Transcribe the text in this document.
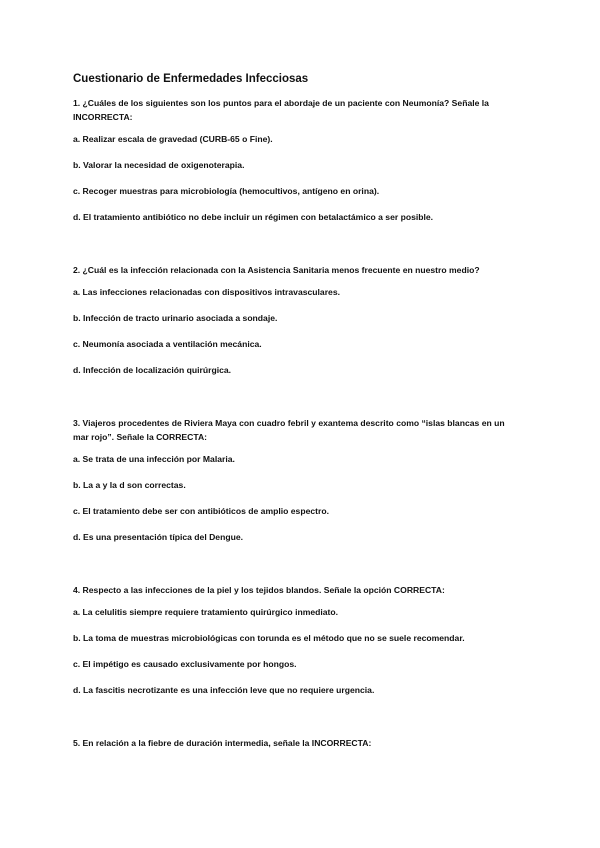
Cuestionario de Enfermedades Infecciosas
1. ¿Cuáles de los siguientes son los puntos para el abordaje de un paciente con Neumonía? Señale la INCORRECTA:
a. Realizar escala de gravedad (CURB-65 o Fine).
b. Valorar la necesidad de oxigenoterapia.
c. Recoger muestras para microbiología (hemocultivos, antígeno en orina).
d. El tratamiento antibiótico no debe incluir un régimen con betalactámico a ser posible.
2. ¿Cuál es la infección relacionada con la Asistencia Sanitaria menos frecuente en nuestro medio?
a. Las infecciones relacionadas con dispositivos intravasculares.
b. Infección de tracto urinario asociada a sondaje.
c. Neumonía asociada a ventilación mecánica.
d. Infección de localización quirúrgica.
3. Viajeros procedentes de Riviera Maya con cuadro febril y exantema descrito como “islas blancas en un mar rojo”. Señale la CORRECTA:
a. Se trata de una infección por Malaria.
b. La a y la d son correctas.
c. El tratamiento debe ser con antibióticos de amplio espectro.
d. Es una presentación típica del Dengue.
4. Respecto a las infecciones de la piel y los tejidos blandos. Señale la opción CORRECTA:
a. La celulitis siempre requiere tratamiento quirúrgico inmediato.
b. La toma de muestras microbiológicas con torunda es el método que no se suele recomendar.
c. El impétigo es causado exclusivamente por hongos.
d. La fascitis necrotizante es una infección leve que no requiere urgencia.
5. En relación a la fiebre de duración intermedia, señale la INCORRECTA:
